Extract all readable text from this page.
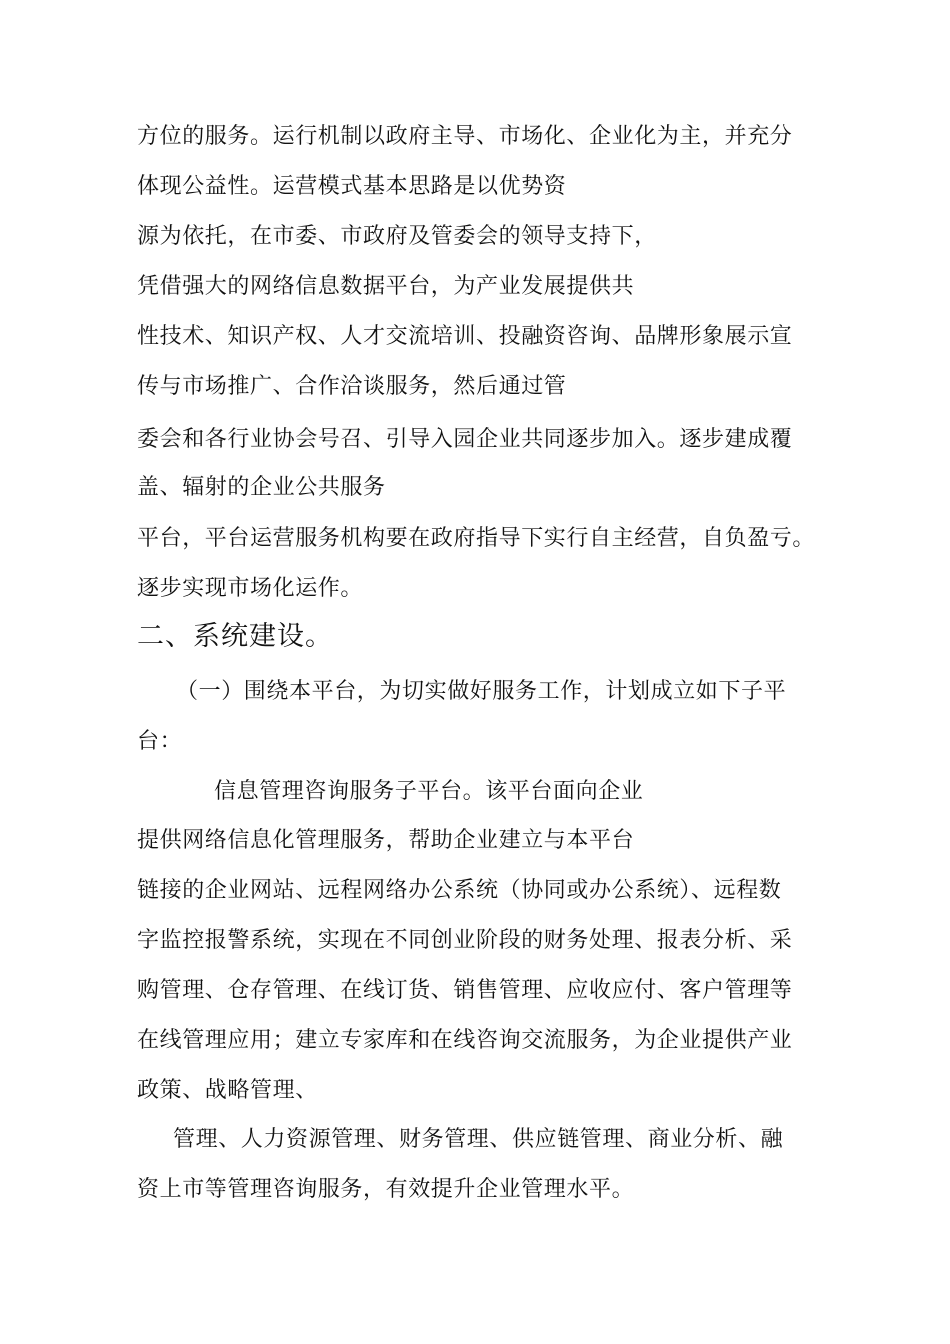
方位的服务。运行机制以政府主导、市场化、企业化为主，并充分
体现公益性。运营模式基本思路是以优势资
源为依托，在市委、市政府及管委会的领导支持下，
凭借强大的网络信息数据平台，为产业发展提供共
性技术、知识产权、人才交流培训、投融资咨询、品牌形象展示宣
传与市场推广、合作洽谈服务，然后通过管
委会和各行业协会号召、引导入园企业共同逐步加入。逐步建成覆
盖、辐射的企业公共服务
平台，平台运营服务机构要在政府指导下实行自主经营，自负盈亏。
逐步实现市场化运作。
二、系统建设。
（一）围绕本平台，为切实做好服务工作，计划成立如下子平
台：
信息管理咨询服务子平台。该平台面向企业
提供网络信息化管理服务，帮助企业建立与本平台
链接的企业网站、远程网络办公系统（协同或办公系统）、远程数
字监控报警系统，实现在不同创业阶段的财务处理、报表分析、采
购管理、仓存管理、在线订货、销售管理、应收应付、客户管理等
在线管理应用；建立专家库和在线咨询交流服务，为企业提供产业
政策、战略管理、
管理、人力资源管理、财务管理、供应链管理、商业分析、融
资上市等管理咨询服务，有效提升企业管理水平。
